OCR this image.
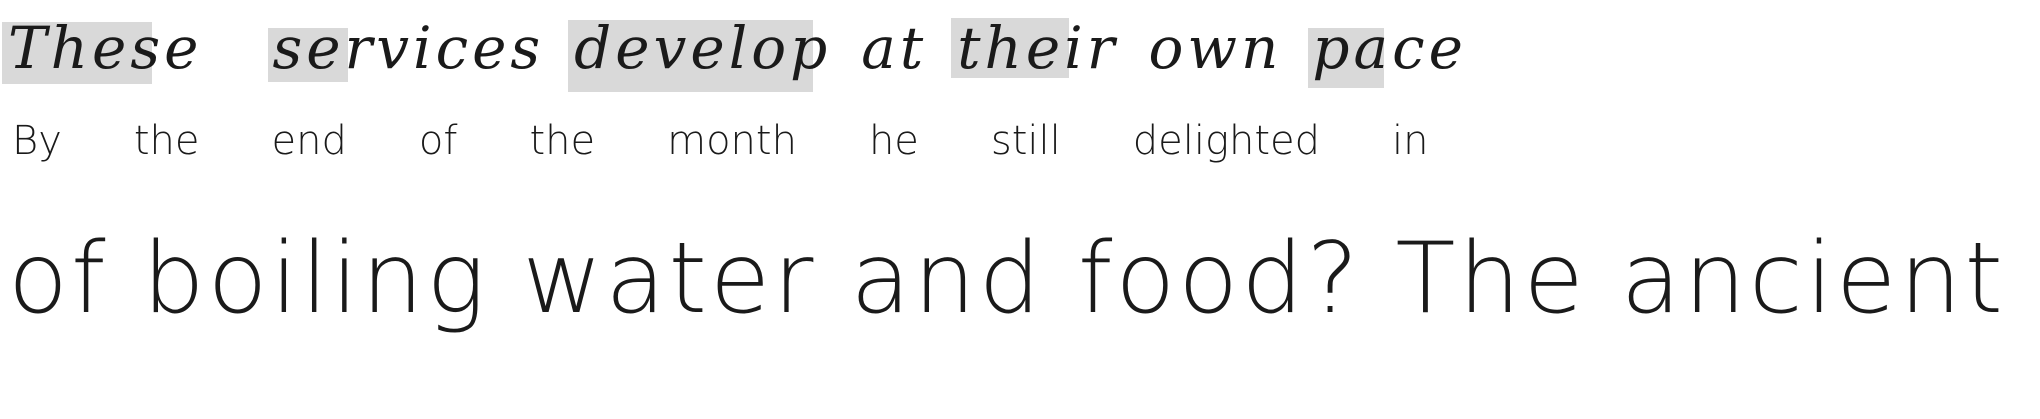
These services develop at their own pace
By the end of the month he still delighted in
of boiling water and food? The ancient
